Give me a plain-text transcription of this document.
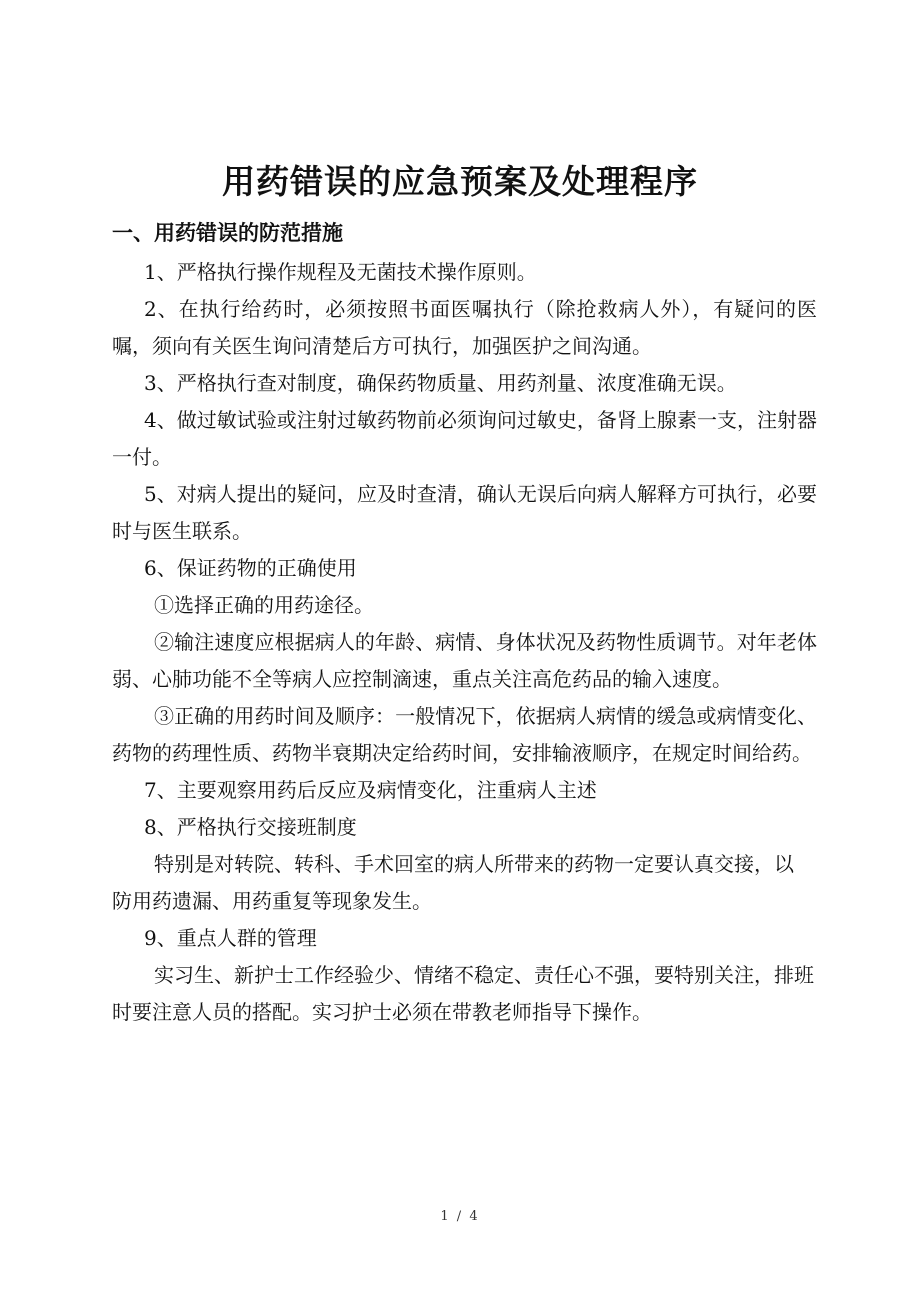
用药错误的应急预案及处理程序
一、用药错误的防范措施

1、严格执行操作规程及无菌技术操作原则。

2、在执行给药时，必须按照书面医嘱执行（除抢救病人外），有疑问的医嘱，须向有关医生询问清楚后方可执行，加强医护之间沟通。

3、严格执行查对制度，确保药物质量、用药剂量、浓度准确无误。

4、做过敏试验或注射过敏药物前必须询问过敏史，备肾上腺素一支，注射器一付。

5、对病人提出的疑问，应及时查清，确认无误后向病人解释方可执行，必要时与医生联系。

6、保证药物的正确使用

①选择正确的用药途径。

②输注速度应根据病人的年龄、病情、身体状况及药物性质调节。对年老体弱、心肺功能不全等病人应控制滴速，重点关注高危药品的输入速度。

③正确的用药时间及顺序：一般情况下，依据病人病情的缓急或病情变化、药物的药理性质、药物半衰期决定给药时间，安排输液顺序，在规定时间给药。

7、主要观察用药后反应及病情变化，注重病人主述

8、严格执行交接班制度

特别是对转院、转科、手术回室的病人所带来的药物一定要认真交接，以

防用药遗漏、用药重复等现象发生。

9、重点人群的管理

实习生、新护士工作经验少、情绪不稳定、责任心不强，要特别关注，排班时要注意人员的搭配。实习护士必须在带教老师指导下操作。

1 / 4
